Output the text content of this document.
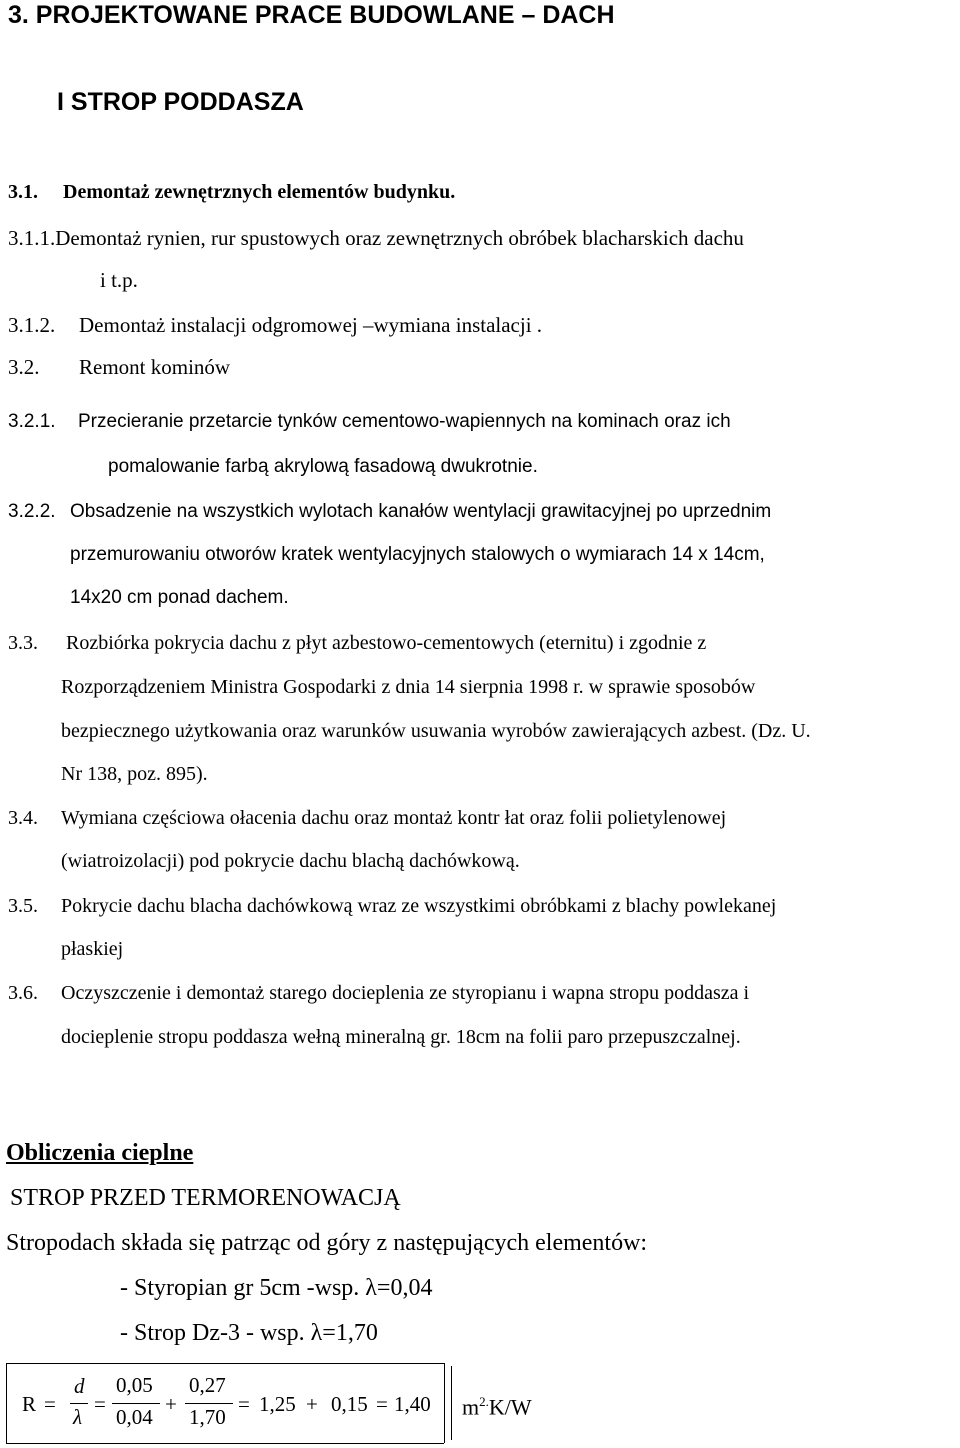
3. PROJEKTOWANE PRACE BUDOWLANE – DACH
I STROP PODDASZA
3.1. Demontaż zewnętrznych elementów budynku.
3.1.1.Demontaż rynien, rur spustowych oraz zewnętrznych obróbek blacharskich dachu
i t.p.
3.1.2. Demontaż instalacji odgromowej –wymiana instalacji .
3.2. Remont kominów
3.2.1. Przecieranie przetarcie tynków cementowo-wapiennych na kominach oraz ich
pomalowanie farbą akrylową fasadową dwukrotnie.
3.2.2. Obsadzenie na wszystkich wylotach kanałów wentylacji grawitacyjnej po uprzednim
przemurowaniu otworów kratek wentylacyjnych stalowych o wymiarach 14 x 14cm,
14x20 cm ponad dachem.
3.3. Rozbiórka pokrycia dachu z płyt azbestowo-cementowych (eternitu) i zgodnie z
Rozporządzeniem Ministra Gospodarki z dnia 14 sierpnia 1998 r. w sprawie sposobów
bezpiecznego użytkowania oraz warunków usuwania wyrobów zawierających azbest. (Dz. U.
Nr 138, poz. 895).
3.4. Wymiana częściowa ołacenia dachu oraz montaż kontr łat oraz folii polietylenowej
(wiatroizolacji) pod pokrycie dachu blachą dachówkową.
3.5. Pokrycie dachu blacha dachówkową wraz ze wszystkimi obróbkami z blachy powlekanej
płaskiej
3.6. Oczyszczenie i demontaż starego docieplenia ze styropianu i wapna stropu poddasza i
docieplenie stropu poddasza wełną mineralną gr. 18cm na folii paro przepuszczalnej.
Obliczenia cieplne
STROP PRZED TERMORENOWACJĄ
Stropodach składa się patrząc od góry z następujących elementów:
- Styropian gr 5cm -wsp. λ=0,04
- Strop Dz-3 - wsp. λ=1,70
R =
d
λ
=
0,05
0,04
+
0,27
1,70
= 1,25 + 0,15 = 1,40 $m^{2.}K/W$
